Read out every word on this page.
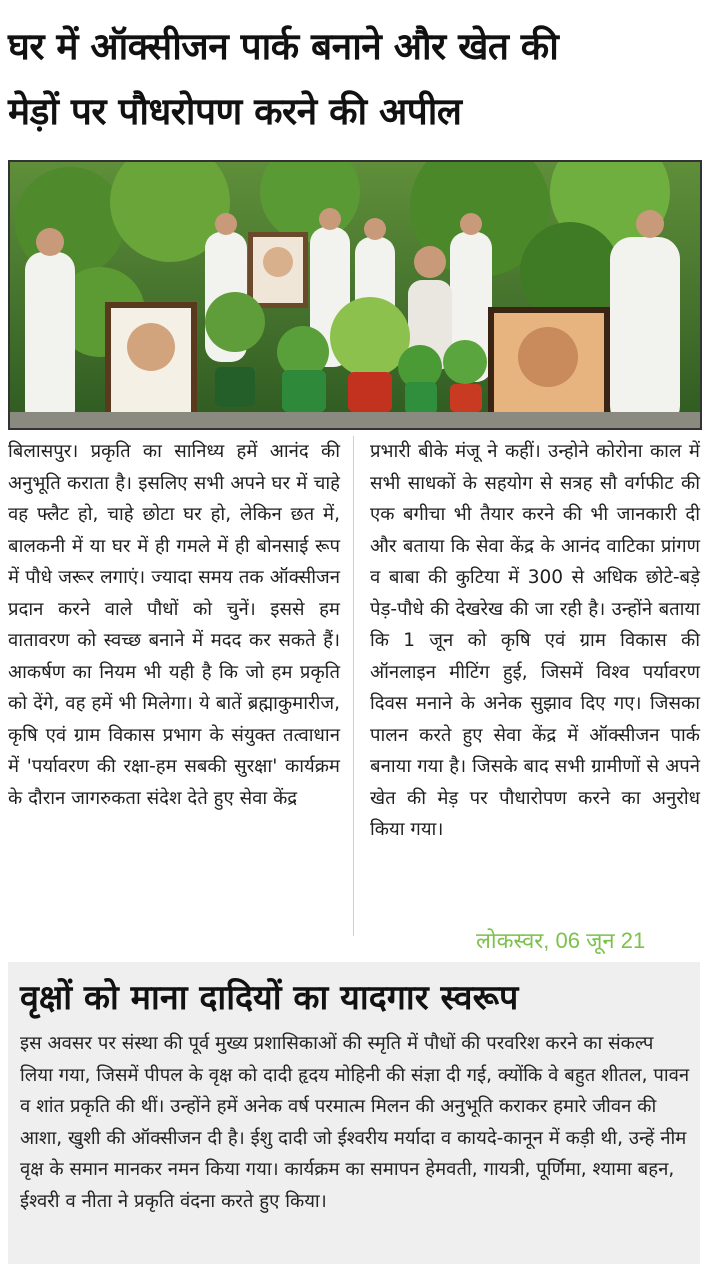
घर में ऑक्सीजन पार्क बनाने और खेत की
मेड़ों पर पौधरोपण करने की अपील
बिलासपुर। प्रकृति का सानिध्य हमें आनंद की अनुभूति कराता है। इसलिए सभी अपने घर में चाहे वह फ्लैट हो, चाहे छोटा घर हो, लेकिन छत में, बालकनी में या घर में ही गमले में ही बोनसाई रूप में पौधे जरूर लगाएं। ज्यादा समय तक ऑक्सीजन प्रदान करने वाले पौधों को चुनें। इससे हम वातावरण को स्वच्छ बनाने में मदद कर सकते हैं। आकर्षण का नियम भी यही है कि जो हम प्रकृति को देंगे, वह हमें भी मिलेगा। ये बातें ब्रह्माकुमारीज, कृषि एवं ग्राम विकास प्रभाग के संयुक्त तत्वाधान में 'पर्यावरण की रक्षा-हम सबकी सुरक्षा' कार्यक्रम के दौरान जागरुकता संदेश देते हुए सेवा केंद्र
प्रभारी बीके मंजू ने कहीं। उन्होने कोरोना काल में सभी साधकों के सहयोग से सत्रह सौ वर्गफीट की एक बगीचा भी तैयार करने की भी जानकारी दी और बताया कि सेवा केंद्र के आनंद वाटिका प्रांगण व बाबा की कुटिया में 300 से अधिक छोटे-बड़े पेड़-पौधे की देखरेख की जा रही है। उन्होंने बताया कि 1 जून को कृषि एवं ग्राम विकास की ऑनलाइन मीटिंग हुई, जिसमें विश्व पर्यावरण दिवस मनाने के अनेक सुझाव दिए गए। जिसका पालन करते हुए सेवा केंद्र में ऑक्सीजन पार्क बनाया गया है। जिसके बाद सभी ग्रामीणों से अपने खेत की मेड़ पर पौधारोपण करने का अनुरोध किया गया।
लोकस्वर, 06 जून 21
वृक्षों को माना दादियों का यादगार स्वरूप
इस अवसर पर संस्था की पूर्व मुख्य प्रशासिकाओं की स्मृति में पौधों की परवरिश करने का संकल्प लिया गया, जिसमें पीपल के वृक्ष को दादी हृदय मोहिनी की संज्ञा दी गई, क्योंकि वे बहुत शीतल, पावन व शांत प्रकृति की थीं। उन्होंने हमें अनेक वर्ष परमात्म मिलन की अनुभूति कराकर हमारे जीवन की आशा, खुशी की ऑक्सीजन दी है। ईशु दादी जो ईश्वरीय मर्यादा व कायदे-कानून में कड़ी थी, उन्हें नीम वृक्ष के समान मानकर नमन किया गया। कार्यक्रम का समापन हेमवती, गायत्री, पूर्णिमा, श्यामा बहन, ईश्वरी व नीता ने प्रकृति वंदना करते हुए किया।
